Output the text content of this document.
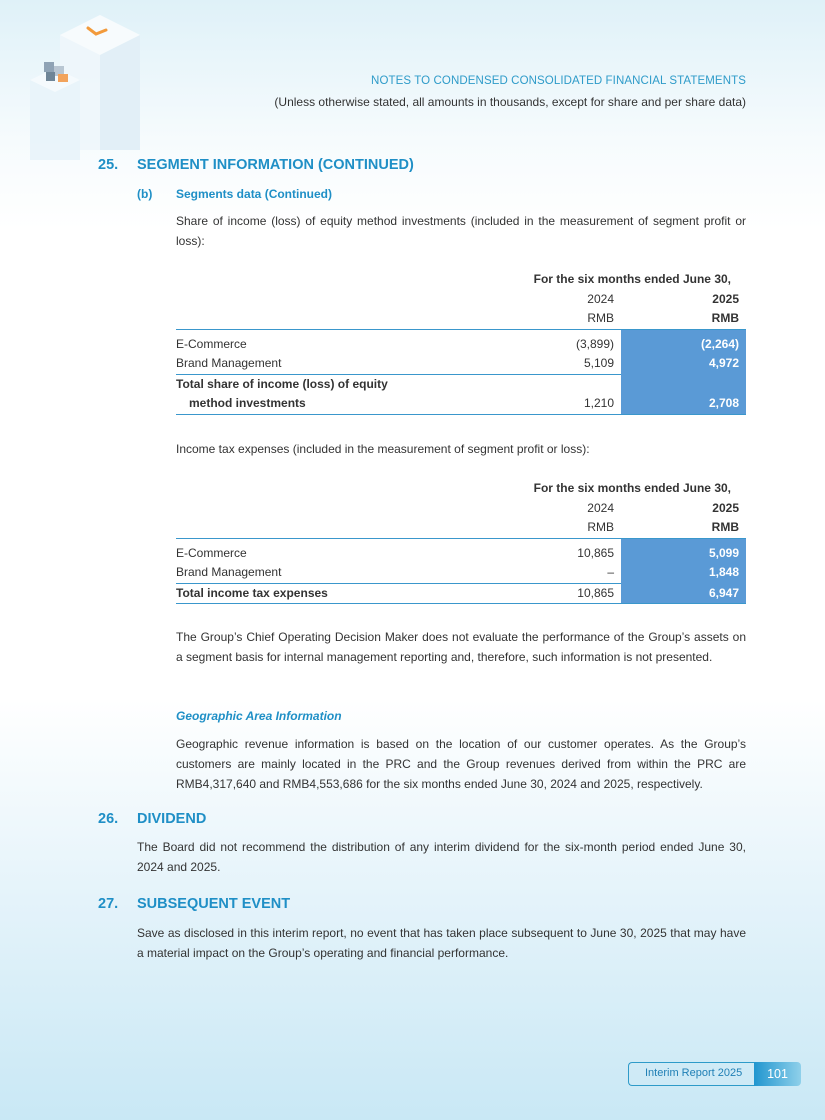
NOTES TO CONDENSED CONSOLIDATED FINANCIAL STATEMENTS
(Unless otherwise stated, all amounts in thousands, except for share and per share data)
25. SEGMENT INFORMATION (CONTINUED)
(b) Segments data (Continued)
Share of income (loss) of equity method investments (included in the measurement of segment profit or loss):
	For the six months ended June 30,	
	2024	2025
	RMB	RMB

E-Commerce	(3,899)	(2,264)
Brand Management	5,109	4,972
Total share of income (loss) of equity		
method investments	1,210	2,708
Income tax expenses (included in the measurement of segment profit or loss):
	For the six months ended June 30,	
	2024	2025
	RMB	RMB

E-Commerce	10,865	5,099
Brand Management	–	1,848
Total income tax expenses	10,865	6,947
The Group’s Chief Operating Decision Maker does not evaluate the performance of the Group’s assets on a segment basis for internal management reporting and, therefore, such information is not presented.
Geographic Area Information
Geographic revenue information is based on the location of our customer operates. As the Group’s customers are mainly located in the PRC and the Group revenues derived from within the PRC are RMB4,317,640 and RMB4,553,686 for the six months ended June 30, 2024 and 2025, respectively.
26. DIVIDEND
The Board did not recommend the distribution of any interim dividend for the six-month period ended June 30, 2024 and 2025.
27. SUBSEQUENT EVENT
Save as disclosed in this interim report, no event that has taken place subsequent to June 30, 2025 that may have a material impact on the Group’s operating and financial performance.
Interim Report 2025	101
